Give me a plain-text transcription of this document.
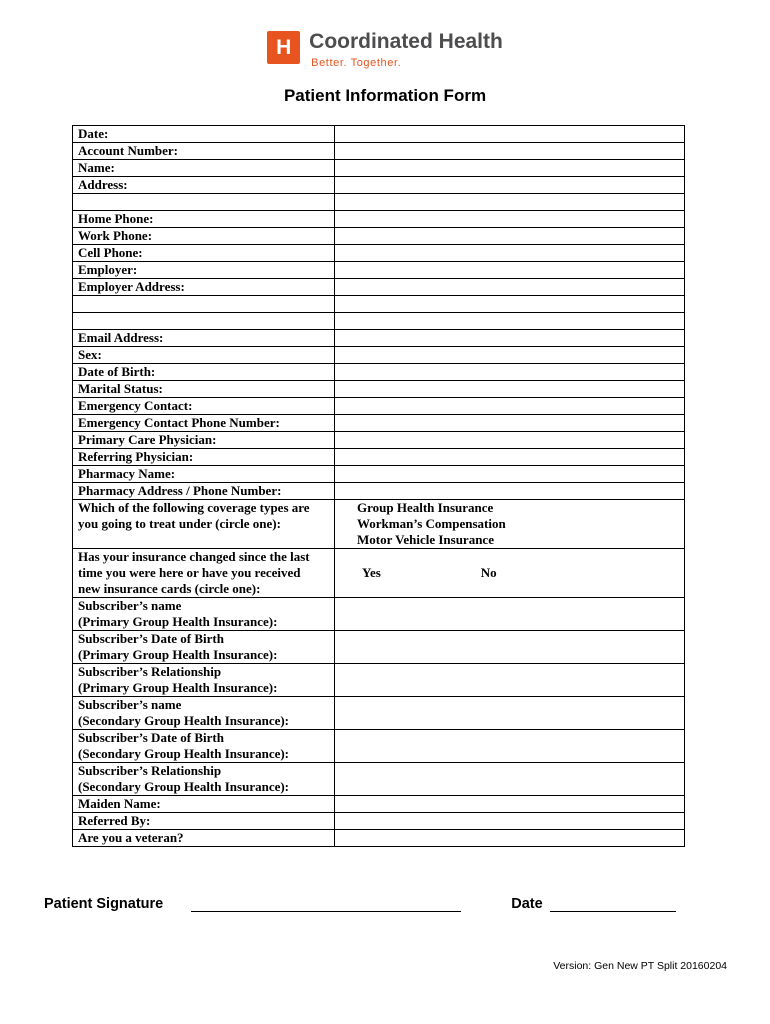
H Coordinated Health
Better. Together.
Patient Information Form
Date:
Account Number:
Name:
Address:
Home Phone:
Work Phone:
Cell Phone:
Employer:
Employer Address:
Email Address:
Sex:
Date of Birth:
Marital Status:
Emergency Contact:
Emergency Contact Phone Number:
Primary Care Physician:
Referring Physician:
Pharmacy Name:
Pharmacy Address / Phone Number:
Which of the following coverage types are
you going to treat under (circle one):
Group Health Insurance
Workman’s Compensation
Motor Vehicle Insurance
Has your insurance changed since the last
time you were here or have you received
new insurance cards (circle one):
Yes	No
Subscriber’s name
(Primary Group Health Insurance):
Subscriber’s Date of Birth
(Primary Group Health Insurance):
Subscriber’s Relationship
(Primary Group Health Insurance):
Subscriber’s name
(Secondary Group Health Insurance):
Subscriber’s Date of Birth
(Secondary Group Health Insurance):
Subscriber’s Relationship
(Secondary Group Health Insurance):
Maiden Name:
Referred By:
Are you a veteran?
Patient Signature	Date
Version: Gen New PT Split 20160204
